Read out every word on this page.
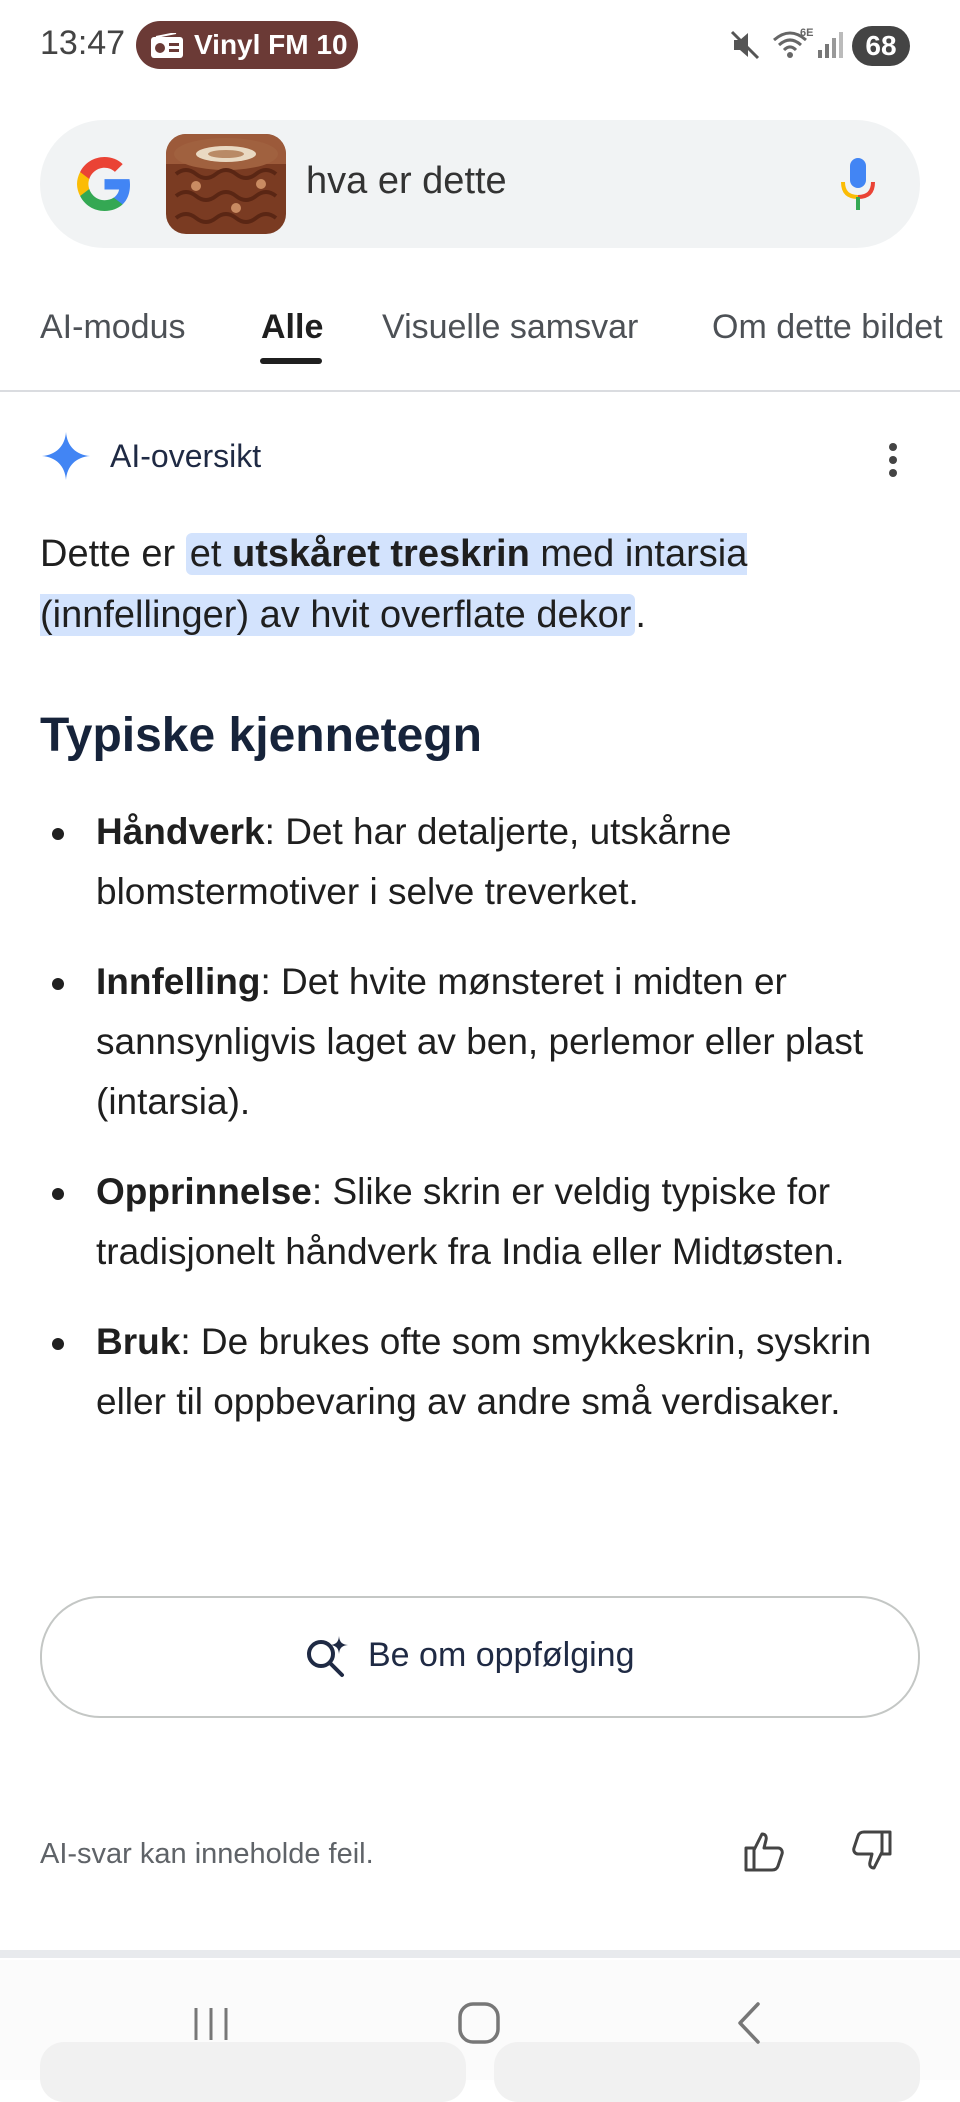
13:47 Vinyl FM 10	6E	68
hva er dette
AI-modus Alle Visuelle samsvar Om dette bildet
AI-oversikt
Dette er et utskåret treskrin med intarsia (innfellinger) av hvit overflate dekor .
Typiske kjennetegn
Håndverk: Det har detaljerte, utskårne blomstermotiver i selve treverket.
Innfelling: Det hvite mønsteret i midten er sannsynligvis laget av ben, perlemor eller plast (intarsia).
Opprinnelse: Slike skrin er veldig typiske for tradisjonelt håndverk fra India eller Midtøsten.
Bruk: De brukes ofte som smykkeskrin, syskrin eller til oppbevaring av andre små verdisaker.
Be om oppfølging
AI-svar kan inneholde feil.
